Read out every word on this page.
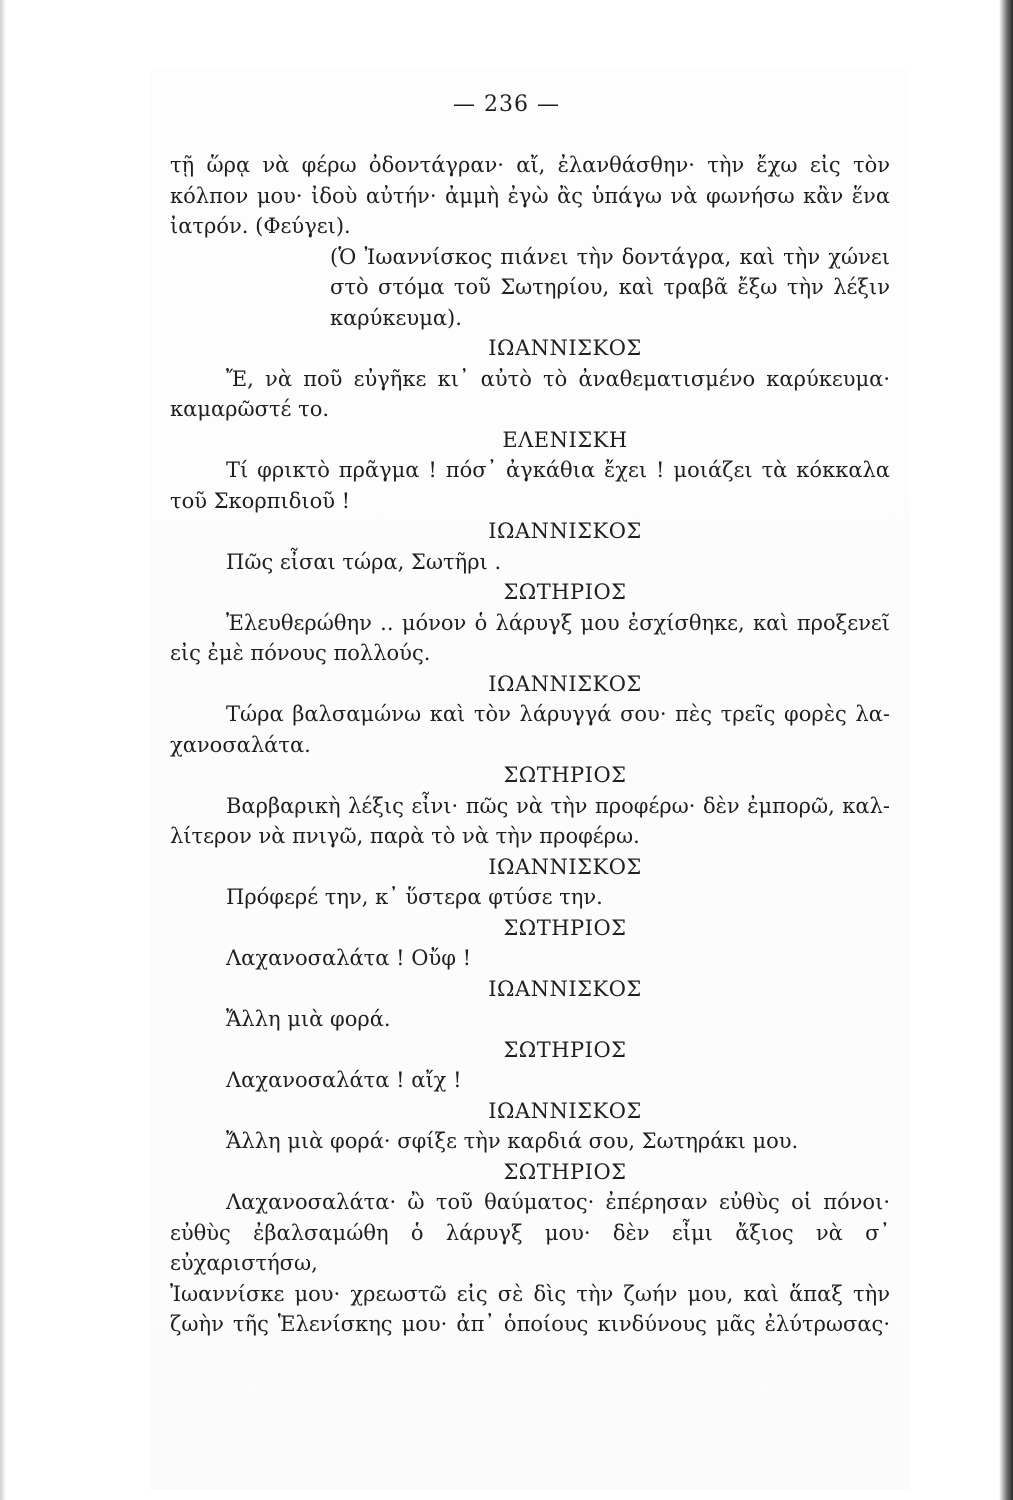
— 236 —
τῇ ὥρᾳ νὰ φέρω ὀδοντάγραν· αἴ, ἐλανθάσθην· τὴν ἔχω εἰς τὸν
κόλπον μου· ἰδοὺ αὐτήν· ἀμμὴ ἐγὼ ἂς ὑπάγω νὰ φωνήσω κἂν ἕνα
ἰατρόν. (Φεύγει).
(Ὁ Ἰωαννίσκος πιάνει τὴν δοντάγρα, καὶ τὴν χώνει
στὸ στόμα τοῦ Σωτηρίου, καὶ τραβᾶ ἔξω τὴν λέξιν
καρύκευμα).
ΙΩΑΝΝΙΣΚΟΣ
Ἔ, νὰ ποῦ εὐγῆκε κι᾽ αὐτὸ τὸ ἀναθεματισμένο καρύκευμα·
καμαρῶστέ το.
ΕΛΕΝΙΣΚΗ
Τί φρικτὸ πρᾶγμα ! πόσ᾽ ἀγκάθια ἔχει ! μοιάζει τὰ κόκκαλα
τοῦ Σκορπιδιοῦ !
ΙΩΑΝΝΙΣΚΟΣ
Πῶς εἶσαι τώρα, Σωτῆρι .
ΣΩΤΗΡΙΟΣ
Ἐλευθερώθην .. μόνον ὁ λάρυγξ μου ἐσχίσθηκε, καὶ προξενεῖ
εἰς ἐμὲ πόνους πολλούς.
ΙΩΑΝΝΙΣΚΟΣ
Τώρα βαλσαμώνω καὶ τὸν λάρυγγά σου· πὲς τρεῖς φορὲς λα-
χανοσαλάτα.
ΣΩΤΗΡΙΟΣ
Βαρβαρικὴ λέξις εἶνι· πῶς νὰ τὴν προφέρω· δὲν ἐμπορῶ, καλ-
λίτερον νὰ πνιγῶ, παρὰ τὸ νὰ τὴν προφέρω.
ΙΩΑΝΝΙΣΚΟΣ
Πρόφερέ την, κ᾽ ὕστερα φτύσε την.
ΣΩΤΗΡΙΟΣ
Λαχανοσαλάτα ! Οὔφ !
ΙΩΑΝΝΙΣΚΟΣ
Ἄλλη μιὰ φορά.
ΣΩΤΗΡΙΟΣ
Λαχανοσαλάτα ! αἴχ !
ΙΩΑΝΝΙΣΚΟΣ
Ἄλλη μιὰ φορά· σφίξε τὴν καρδιά σου, Σωτηράκι μου.
ΣΩΤΗΡΙΟΣ
Λαχανοσαλάτα· ὢ τοῦ θαύματος· ἐπέρησαν εὐθὺς οἱ πόνοι·
εὐθὺς ἐβαλσαμώθη ὁ λάρυγξ μου· δὲν εἶμι ἄξιος νὰ σ᾽ εὐχαριστήσω,
Ἰωαννίσκε μου· χρεωστῶ εἰς σὲ δὶς τὴν ζωήν μου, καὶ ἅπαξ τὴν
ζωὴν τῆς Ἑλενίσκης μου· ἀπ᾽ ὁποίους κινδύνους μᾶς ἐλύτρωσας·
